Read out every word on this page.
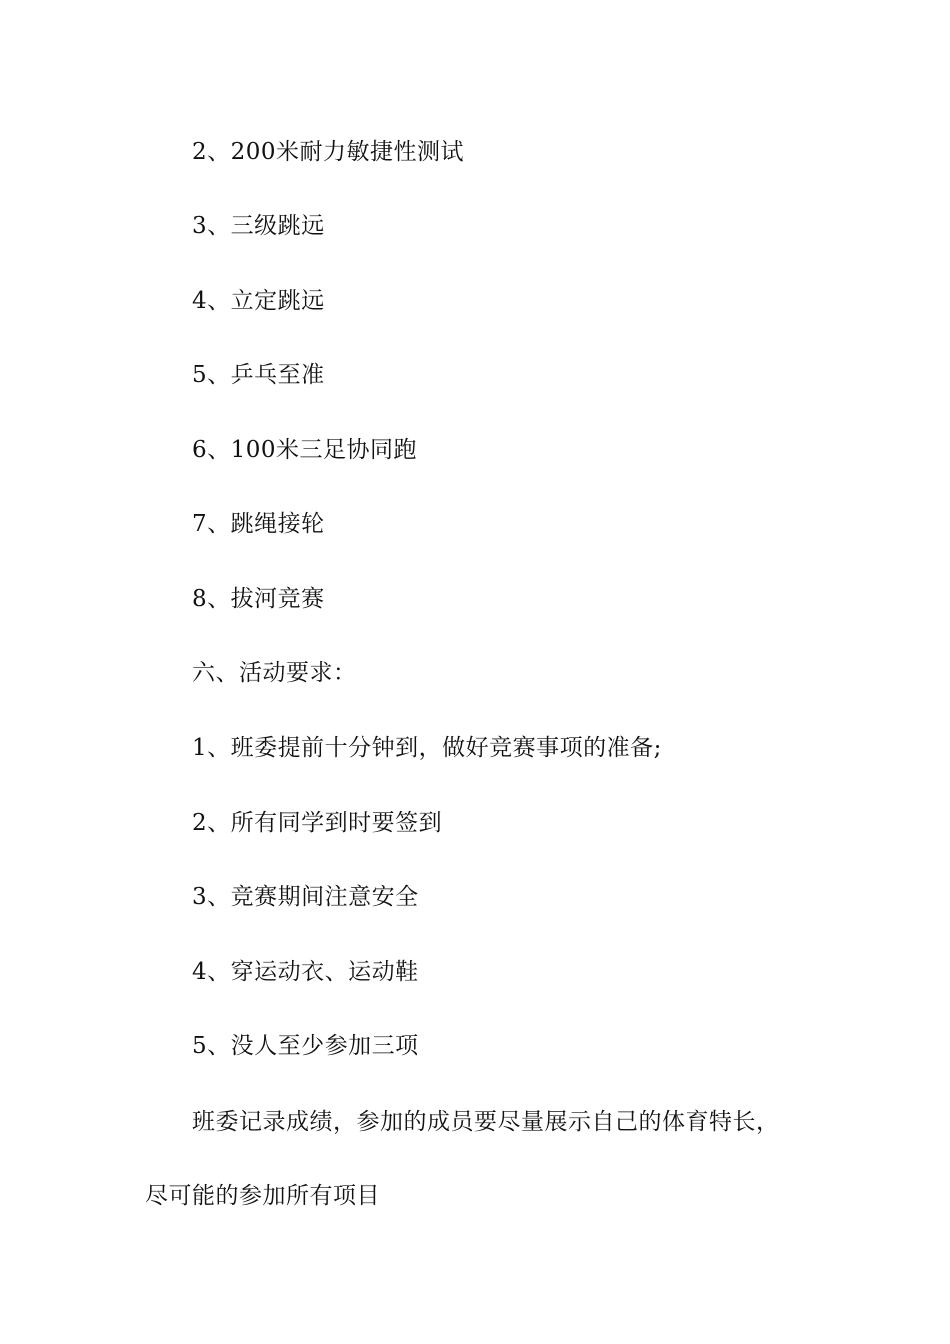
2、200米耐力敏捷性测试
3、三级跳远
4、立定跳远
5、乒乓至准
6、100米三足协同跑
7、跳绳接轮
8、拔河竞赛
六、活动要求：
1、班委提前十分钟到，做好竞赛事项的准备;
2、所有同学到时要签到
3、竞赛期间注意安全
4、穿运动衣、运动鞋
5、没人至少参加三项
班委记录成绩，参加的成员要尽量展示自己的体育特长，
尽可能的参加所有项目
